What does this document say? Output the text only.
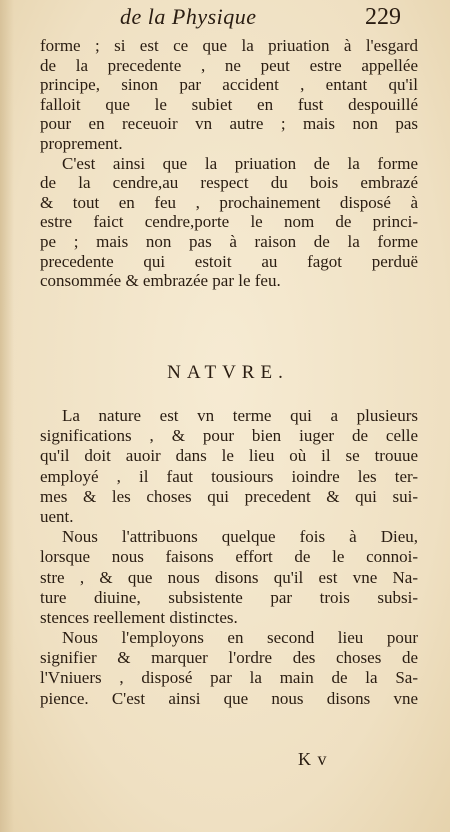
de la Physique	229
forme ; si est ce que la priuation à l'esgard
de la precedente , ne peut estre appellée
principe, sinon par accident , entant qu'il
falloit que le subiet en fust despouillé
pour en receuoir vn autre ; mais non pas
proprement.
C'est ainsi que la priuation de la forme
de la cendre,au respect du bois embrazé
& tout en feu , prochainement disposé à
estre faict cendre,porte le nom de princi-
pe ; mais non pas à raison de la forme
precedente qui estoit au fagot perduë
consommée & embrazée par le feu.
NATVRE.
La nature est vn terme qui a plusieurs
significations , & pour bien iuger de celle
qu'il doit auoir dans le lieu où il se trouue
employé , il faut tousiours ioindre les ter-
mes & les choses qui precedent & qui sui-
uent.
Nous l'attribuons quelque fois à Dieu,
lorsque nous faisons effort de le connoi-
stre , & que nous disons qu'il est vne Na-
ture diuine, subsistente par trois subsi-
stences reellement distinctes.
Nous l'employons en second lieu pour
signifier & marquer l'ordre des choses de
l'Vniuers , disposé par la main de la Sa-
pience. C'est ainsi que nous disons vne
K v
